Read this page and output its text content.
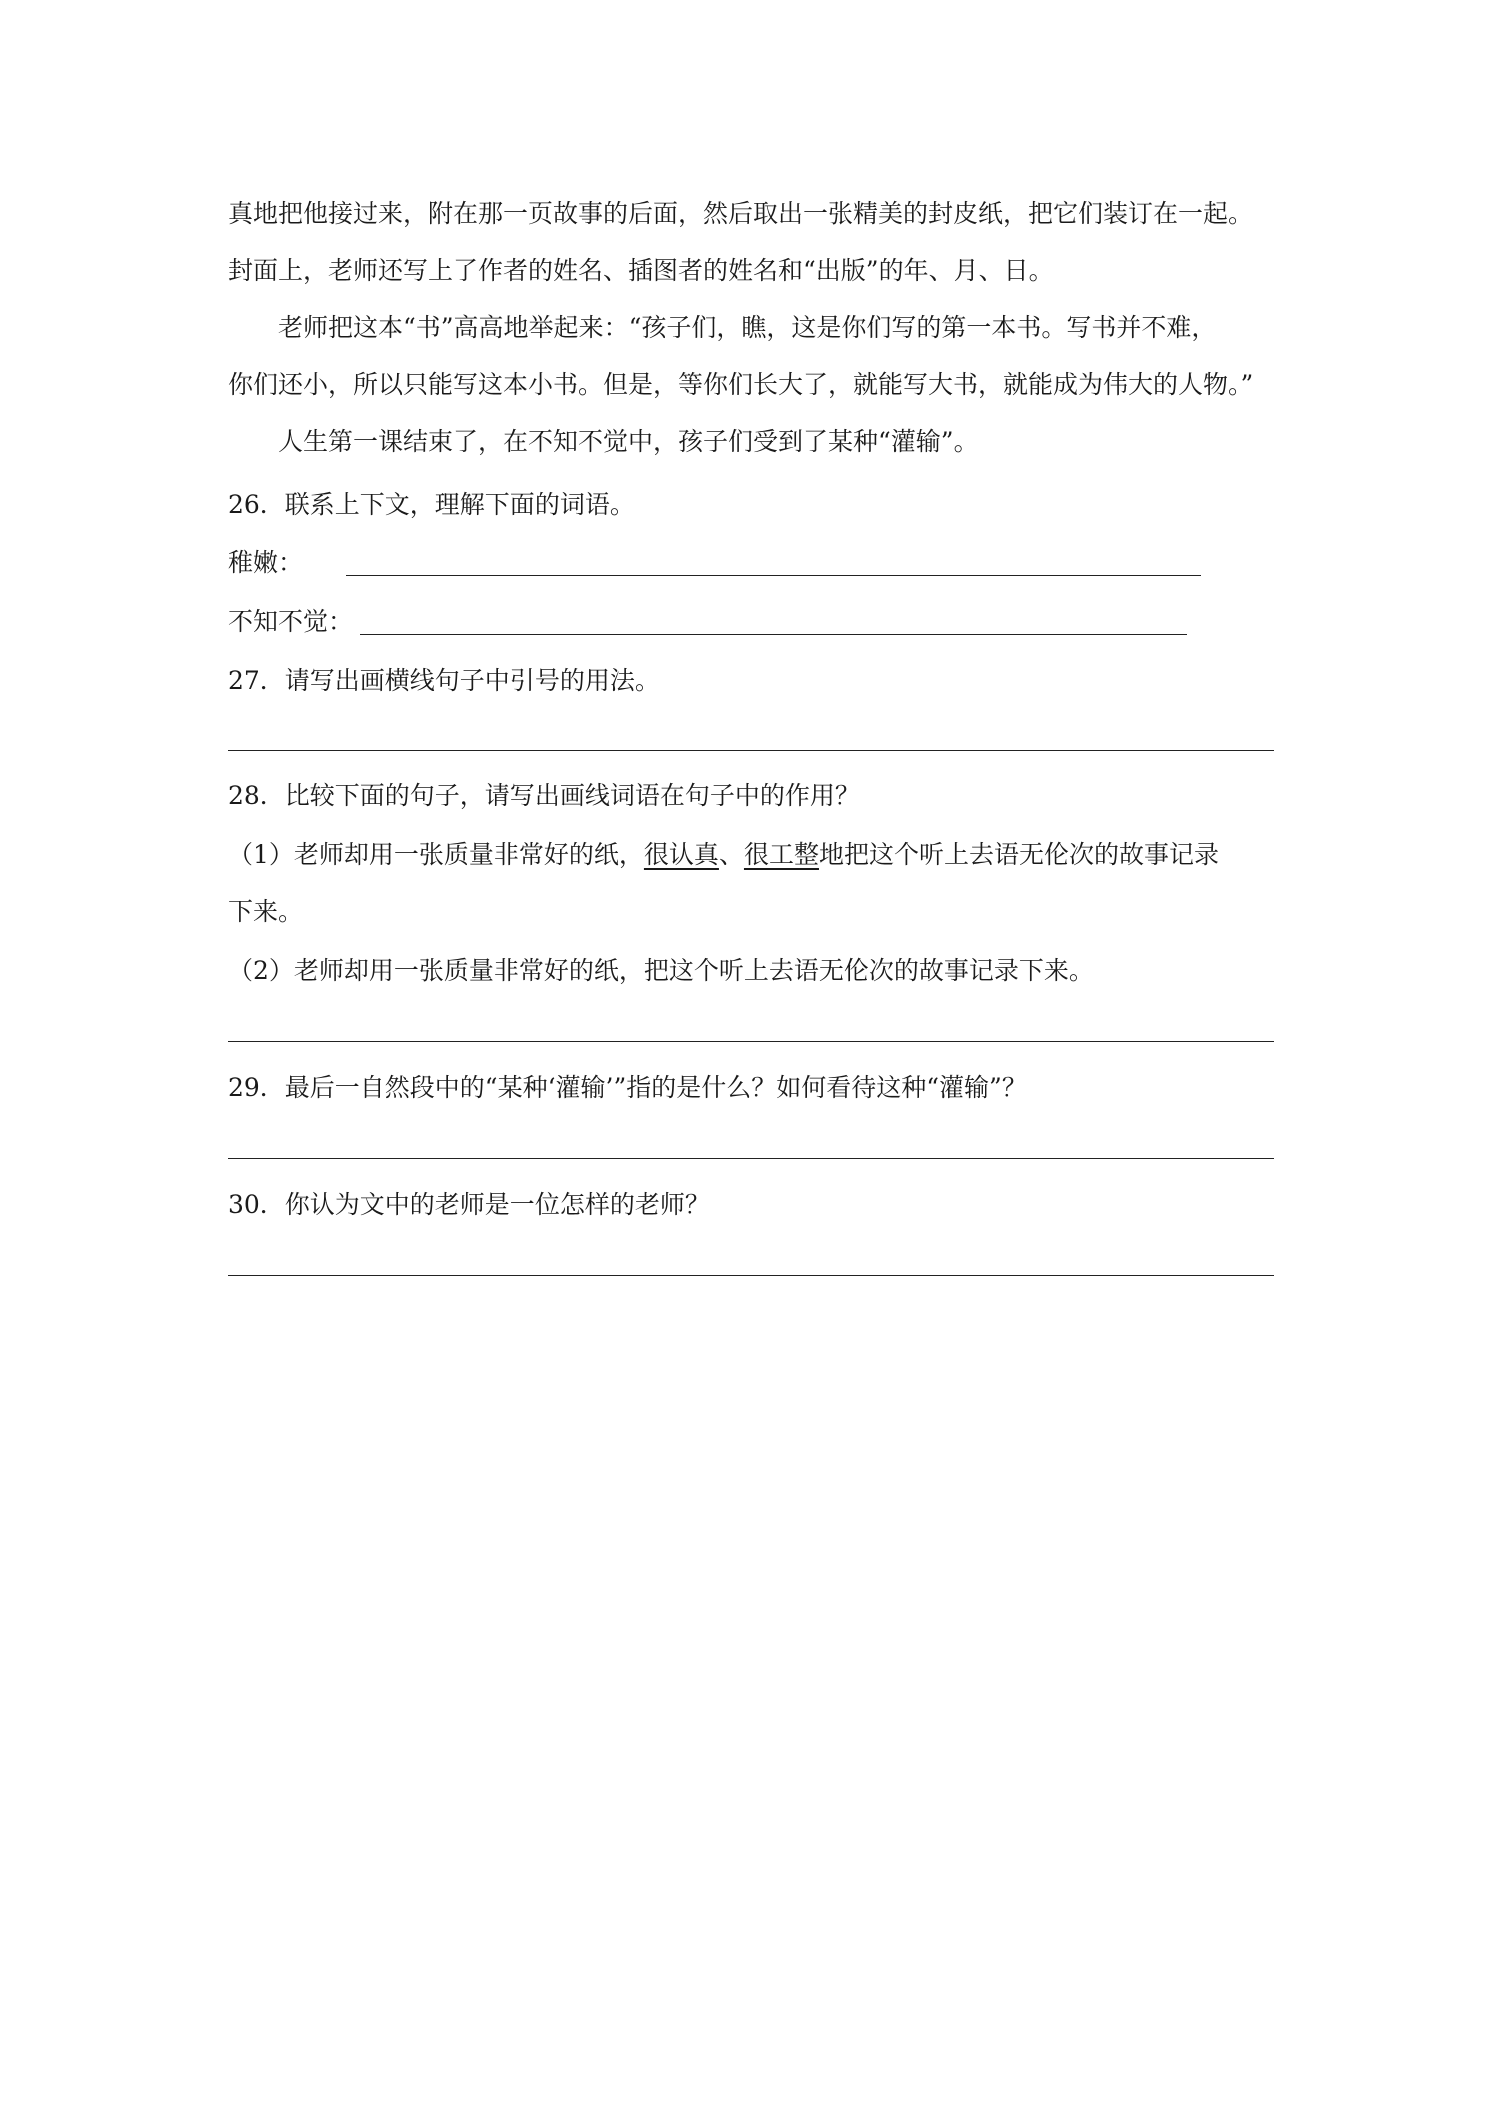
真地把他接过来，附在那一页故事的后面，然后取出一张精美的封皮纸，把它们装订在一起。
封面上，老师还写上了作者的姓名、插图者的姓名和“出版”的年、月、日。
老师把这本“书”高高地举起来：“孩子们，瞧，这是你们写的第一本书。写书并不难，
你们还小，所以只能写这本小书。但是，等你们长大了，就能写大书，就能成为伟大的人物。”
人生第一课结束了，在不知不觉中，孩子们受到了某种“灌输”。
26．联系上下文，理解下面的词语。
稚嫩：
不知不觉：
27．请写出画横线句子中引号的用法。
28．比较下面的句子，请写出画线词语在句子中的作用？
（1）老师却用一张质量非常好的纸，很认真、很工整地把这个听上去语无伦次的故事记录
下来。
（2）老师却用一张质量非常好的纸，把这个听上去语无伦次的故事记录下来。
29．最后一自然段中的“某种‘灌输’”指的是什么？如何看待这种“灌输”？
30．你认为文中的老师是一位怎样的老师？
